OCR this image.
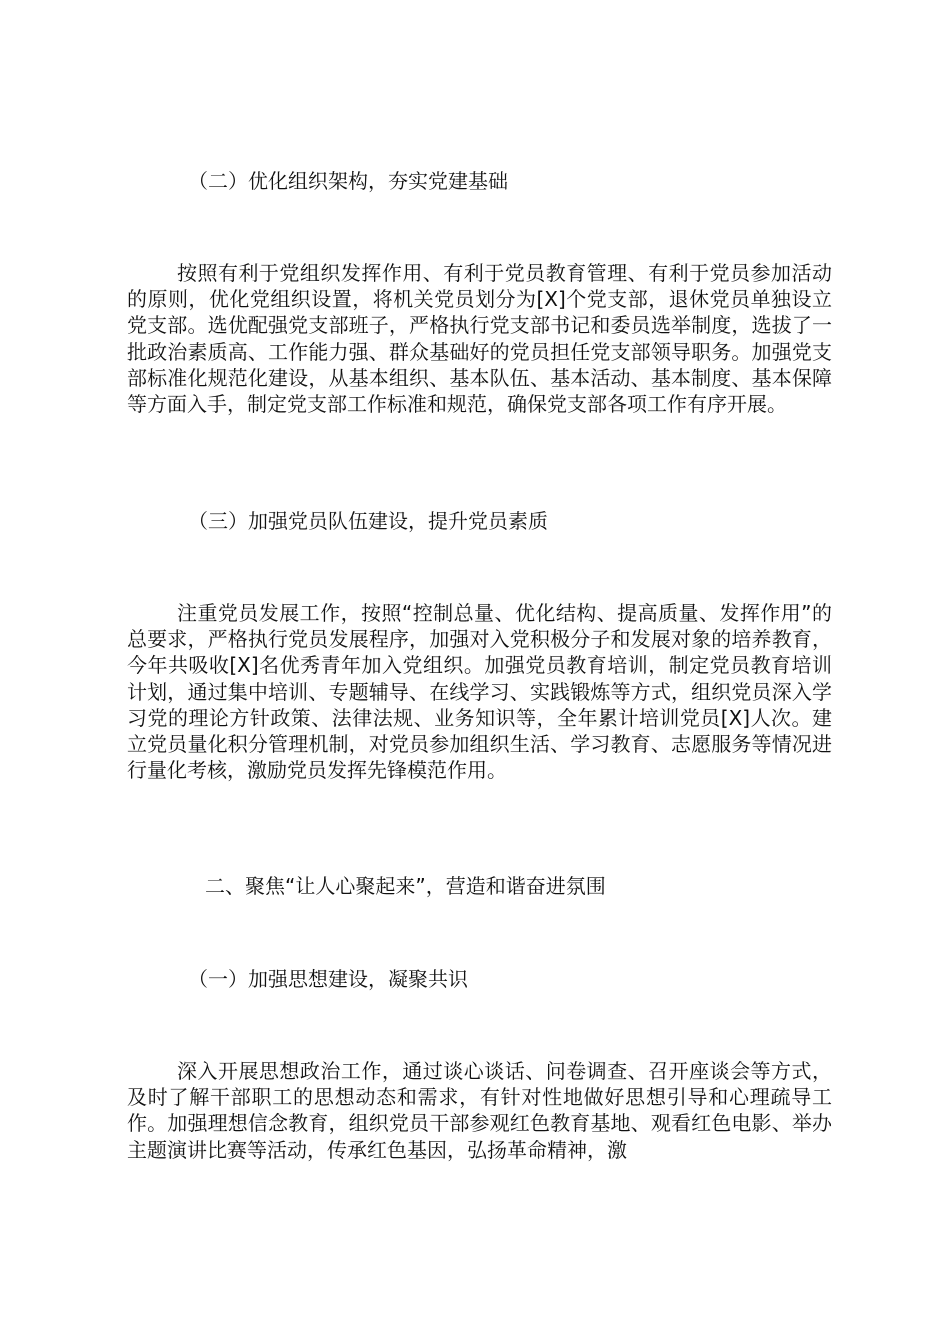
（二）优化组织架构，夯实党建基础

按照有利于党组织发挥作用、有利于党员教育管理、有利于党员参加活动的原则，优化党组织设置，将机关党员划分为[X]个党支部，退休党员单独设立党支部。选优配强党支部班子，严格执行党支部书记和委员选举制度，选拔了一批政治素质高、工作能力强、群众基础好的党员担任党支部领导职务。加强党支部标准化规范化建设，从基本组织、基本队伍、基本活动、基本制度、基本保障等方面入手，制定党支部工作标准和规范，确保党支部各项工作有序开展。

（三）加强党员队伍建设，提升党员素质

注重党员发展工作，按照“控制总量、优化结构、提高质量、发挥作用”的总要求，严格执行党员发展程序，加强对入党积极分子和发展对象的培养教育，今年共吸收[X]名优秀青年加入党组织。加强党员教育培训，制定党员教育培训计划，通过集中培训、专题辅导、在线学习、实践锻炼等方式，组织党员深入学习党的理论方针政策、法律法规、业务知识等，全年累计培训党员[X]人次。建立党员量化积分管理机制，对党员参加组织生活、学习教育、志愿服务等情况进行量化考核，激励党员发挥先锋模范作用。

二、聚焦“让人心聚起来”，营造和谐奋进氛围
（一）加强思想建设，凝聚共识

深入开展思想政治工作，通过谈心谈话、问卷调查、召开座谈会等方式，及时了解干部职工的思想动态和需求，有针对性地做好思想引导和心理疏导工作。加强理想信念教育，组织党员干部参观红色教育基地、观看红色电影、举办主题演讲比赛等活动，传承红色基因，弘扬革命精神，激
